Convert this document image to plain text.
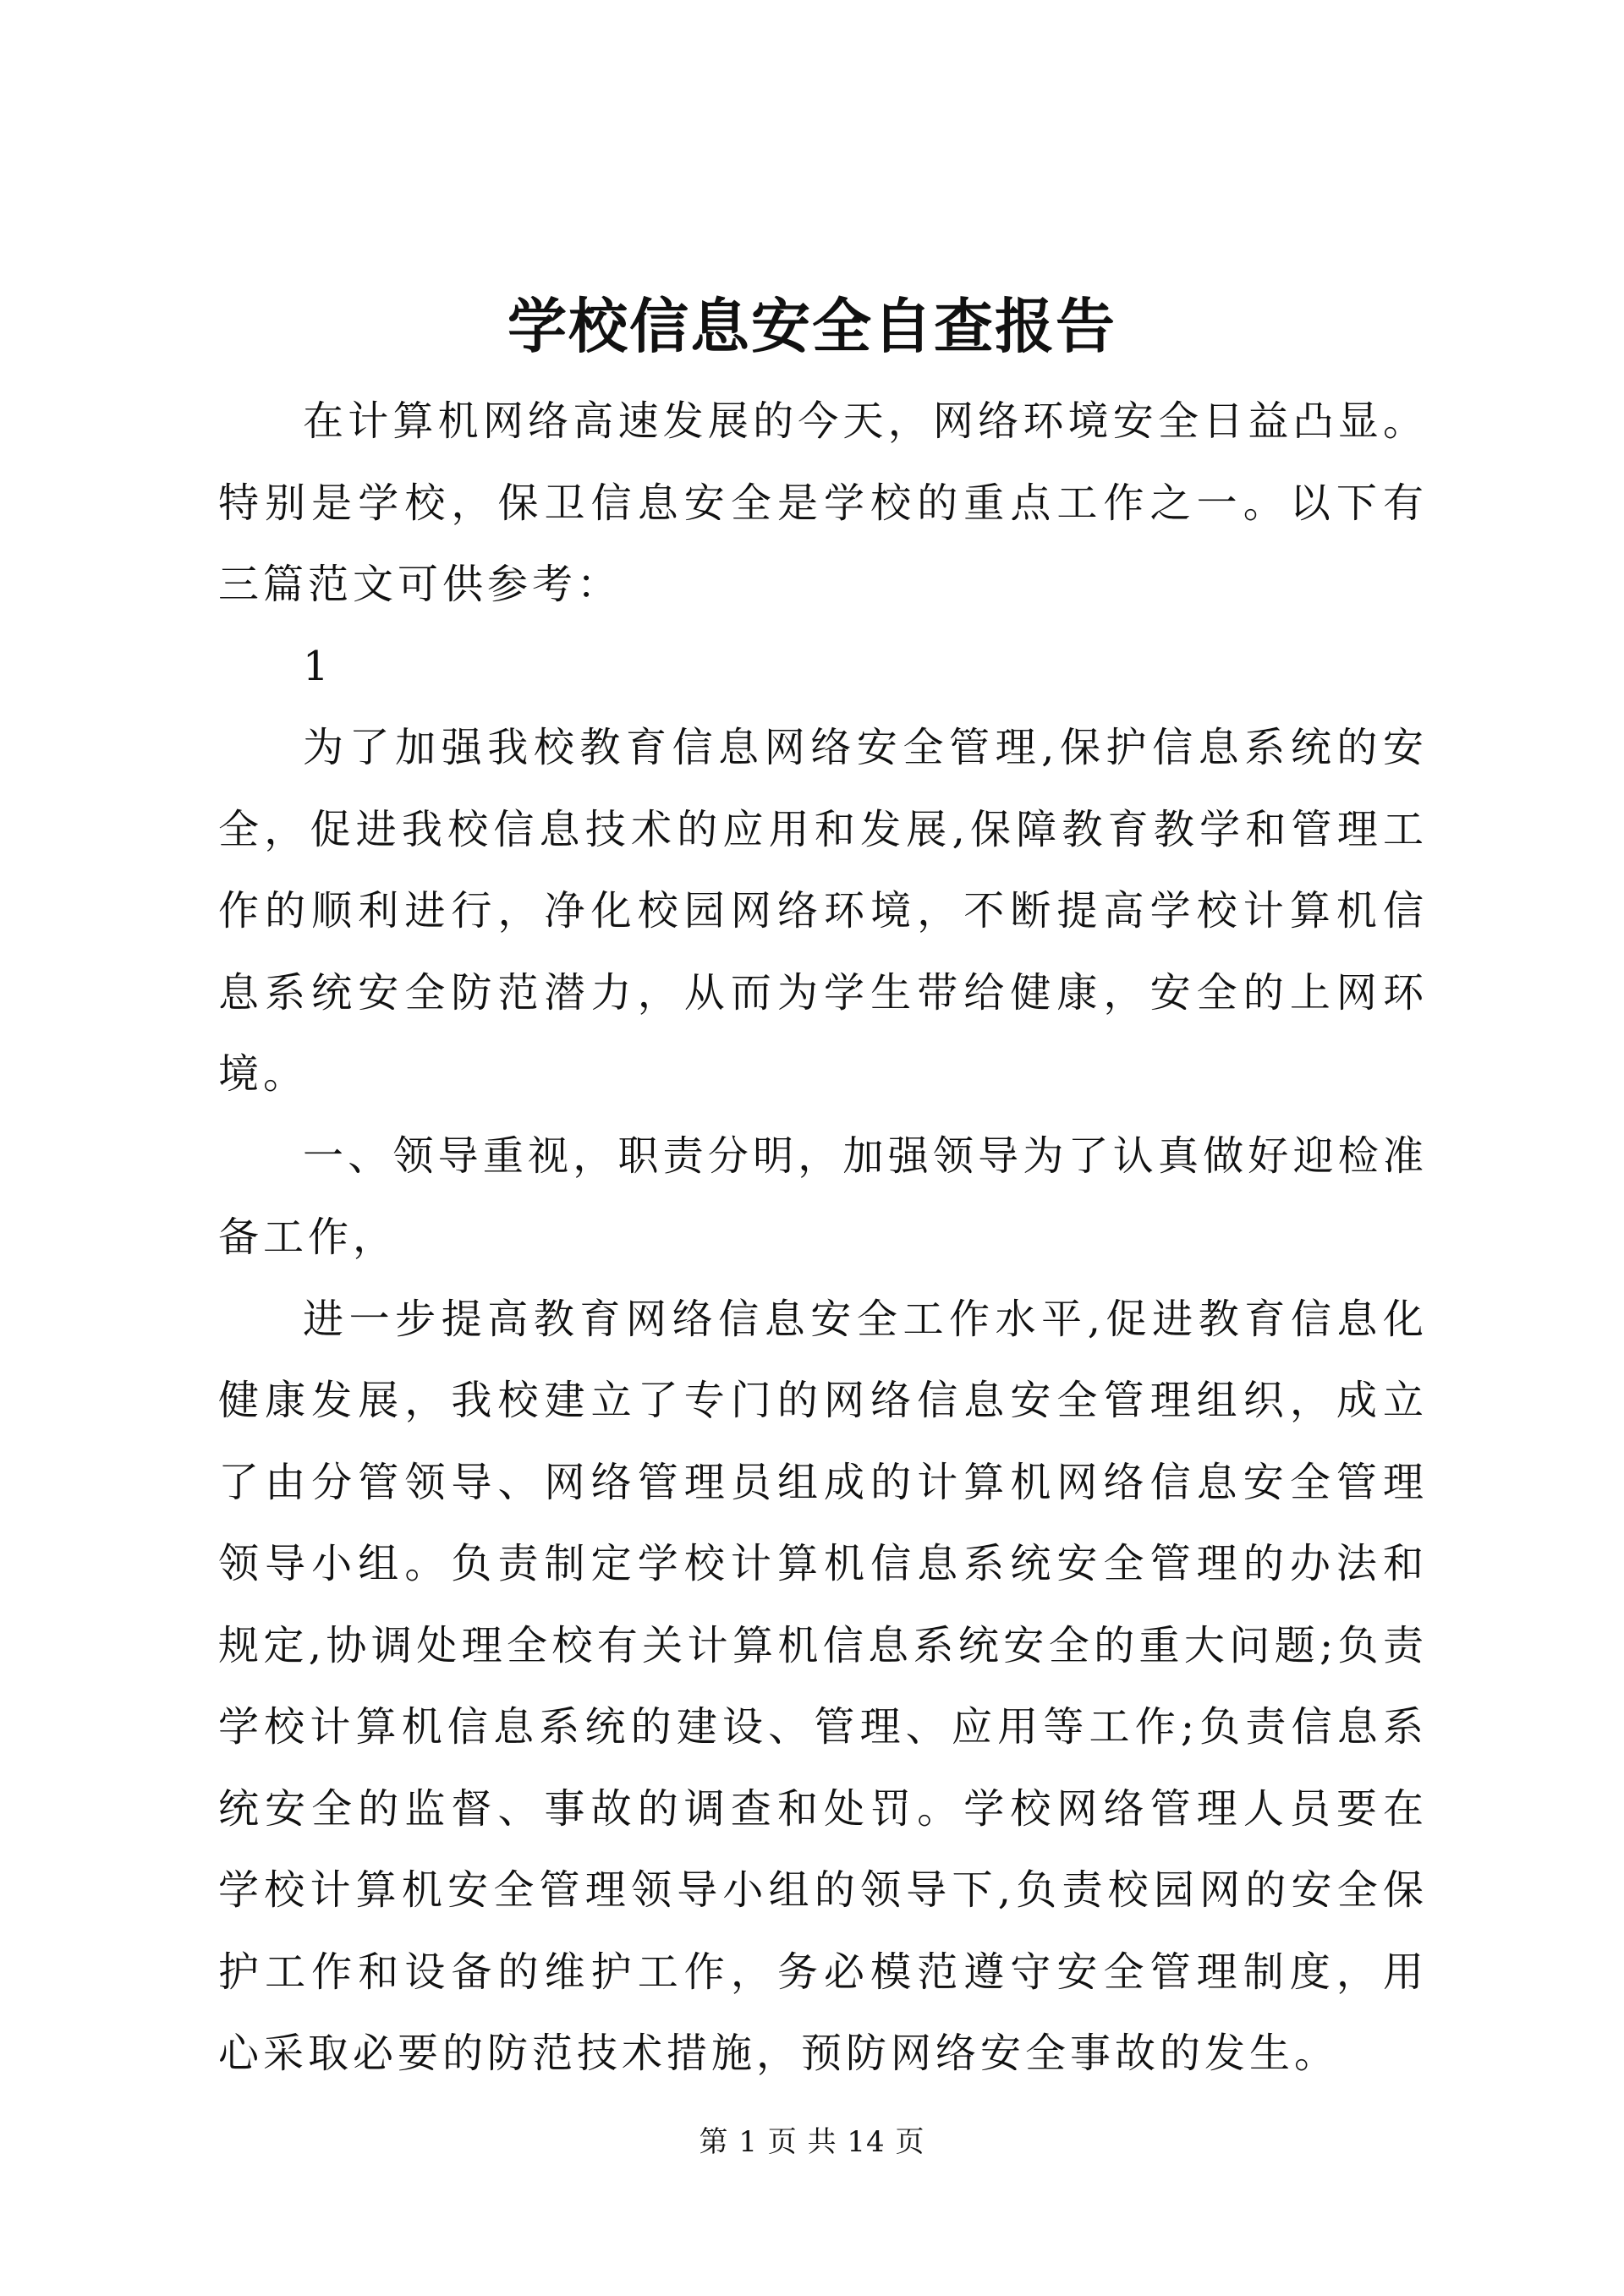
学校信息安全自查报告

在计算机网络高速发展的今天，网络环境安全日益凸显。特别是学校，保卫信息安全是学校的重点工作之一。以下有三篇范文可供参考：

1

为了加强我校教育信息网络安全管理,保护信息系统的安全，促进我校信息技术的应用和发展,保障教育教学和管理工作的顺利进行，净化校园网络环境，不断提高学校计算机信息系统安全防范潜力，从而为学生带给健康，安全的上网环境。

一、领导重视，职责分明，加强领导为了认真做好迎检准备工作，

进一步提高教育网络信息安全工作水平,促进教育信息化健康发展，我校建立了专门的网络信息安全管理组织，成立了由分管领导、网络管理员组成的计算机网络信息安全管理领导小组。负责制定学校计算机信息系统安全管理的办法和规定,协调处理全校有关计算机信息系统安全的重大问题;负责学校计算机信息系统的建设、管理、应用等工作;负责信息系统安全的监督、事故的调查和处罚。学校网络管理人员要在学校计算机安全管理领导小组的领导下,负责校园网的安全保护工作和设备的维护工作，务必模范遵守安全管理制度，用心采取必要的防范技术措施，预防网络安全事故的发生。

第 1 页 共 14 页
